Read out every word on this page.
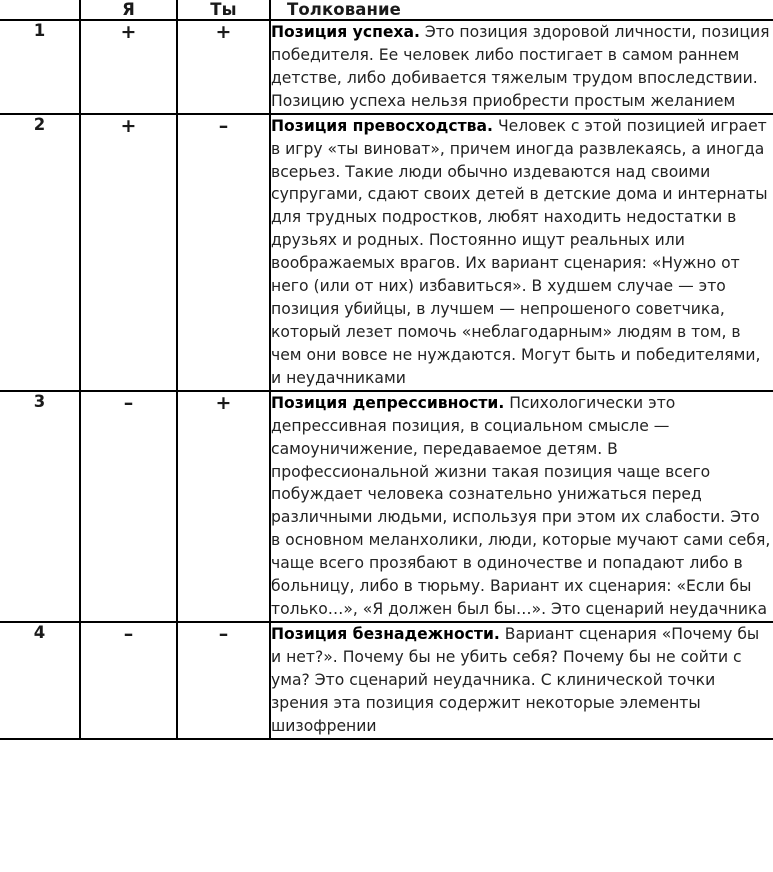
	Я	Ты	Толкование
1	+	+	Позиция успеха. Это позиция здоровой личности, позиция победителя. Ее человек либо постигает в самом раннем детстве, либо добивается тяжелым трудом впоследствии. Позицию успеха нельзя приобрести простым желанием
2	+	–	Позиция превосходства. Человек с этой позицией играет в игру «ты виноват», причем иногда развлекаясь, а иногда всерьез. Такие люди обычно издеваются над своими супругами, сдают своих детей в детские дома и интернаты для трудных подростков, любят находить недостатки в друзьях и родных. Постоянно ищут реальных или воображаемых врагов. Их вариант сценария: «Нужно от него (или от них) избавиться». В худшем случае — это позиция убийцы, в лучшем — непрошеного советчика, который лезет помочь «неблагодарным» людям в том, в чем они вовсе не нуждаются. Могут быть и победителями, и неудачниками
3	–	+	Позиция депрессивности. Психологически это депрессивная позиция, в социальном смысле — самоуничижение, передаваемое детям. В профессиональной жизни такая позиция чаще всего побуждает человека сознательно унижаться перед различными людьми, используя при этом их слабости. Это в основном меланхолики, люди, которые мучают сами себя, чаще всего прозябают в одиночестве и попадают либо в больницу, либо в тюрьму. Вариант их сценария: «Если бы только…», «Я должен был бы…». Это сценарий неудачника
4	–	–	Позиция безнадежности. Вариант сценария «Почему бы и нет?». Почему бы не убить себя? Почему бы не сойти с ума? Это сценарий неудачника. С клинической точки зрения эта позиция содержит некоторые элементы шизофрении
